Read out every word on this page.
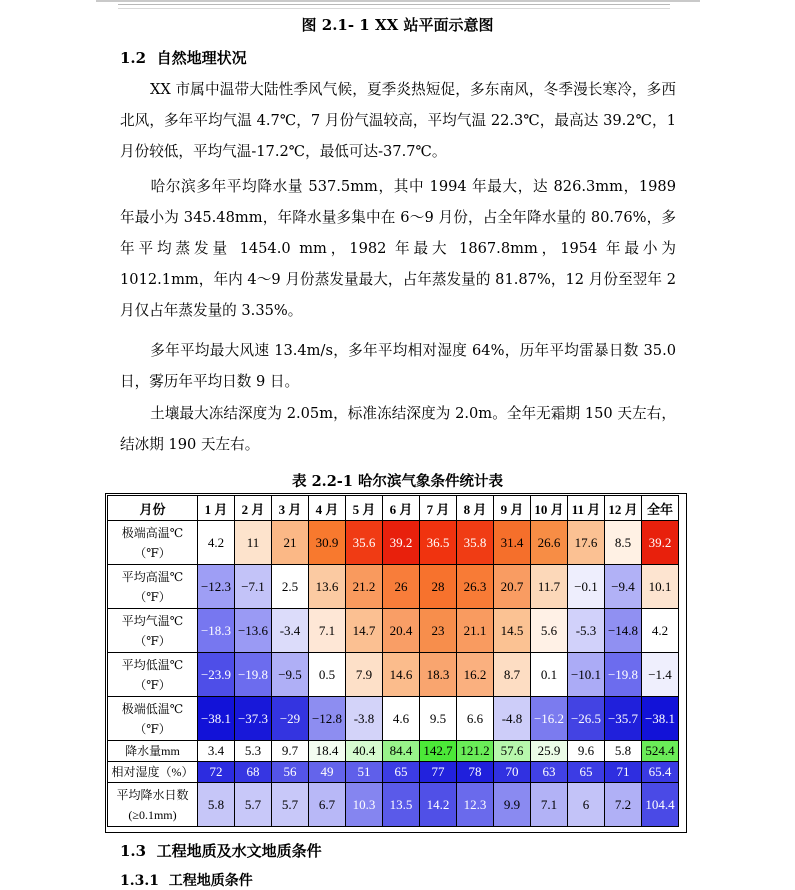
图 2.1- 1 XX 站平面示意图
1.2 自然地理状况
XX 市属中温带大陆性季风气候，夏季炎热短促，多东南风，冬季漫长寒冷，多西北风，多年平均气温 4.7℃，7 月份气温较高，平均气温 22.3℃，最高达 39.2℃，1 月份较低，平均气温-17.2℃，最低可达-37.7℃。
哈尔滨多年平均降水量 537.5mm，其中 1994 年最大，达 826.3mm，1989 年最小为 345.48mm，年降水量多集中在 6～9 月份，占全年降水量的 80.76%，多年平均蒸发量 1454.0 mm，1982 年最大 1867.8mm，1954 年最小为 1012.1mm，年内 4～9 月份蒸发量最大，占年蒸发量的 81.87%，12 月份至翌年 2 月仅占年蒸发量的 3.35%。
多年平均最大风速 13.4m/s，多年平均相对湿度 64%，历年平均雷暴日数 35.0日，雾历年平均日数 9 日。
土壤最大冻结深度为 2.05m，标准冻结深度为 2.0m。全年无霜期 150 天左右，结冰期 190 天左右。
表 2.2-1 哈尔滨气象条件统计表
月份	1 月	2 月	3 月	4 月	5 月	6 月	7 月	8 月	9 月	10 月	11 月	12 月	全年

极端高温℃
（℉）	4.2	11	21	30.9	35.6	39.2	36.5	35.8	31.4	26.6	17.6	8.5	39.2

平均高温℃
（℉）	−12.3	−7.1	2.5	13.6	21.2	26	28	26.3	20.7	11.7	−0.1	−9.4	10.1

平均气温℃
（℉）	−18.3	−13.6	-3.4	7.1	14.7	20.4	23	21.1	14.5	5.6	-5.3	−14.8	4.2

平均低温℃
（℉）	−23.9	−19.8	−9.5	0.5	7.9	14.6	18.3	16.2	8.7	0.1	−10.1	−19.8	−1.4

极端低温℃
（℉）	−38.1	−37.3	−29	−12.8	-3.8	4.6	9.5	6.6	-4.8	−16.2	−26.5	−35.7	−38.1

降水量mm	3.4	5.3	9.7	18.4	40.4	84.4	142.7	121.2	57.6	25.9	9.6	5.8	524.4

相对湿度（%）	72	68	56	49	51	65	77	78	70	63	65	71	65.4

平均降水日数
(≥0.1mm)	5.8	5.7	5.7	6.7	10.3	13.5	14.2	12.3	9.9	7.1	6	7.2	104.4
1.3 工程地质及水文地质条件
1.3.1 工程地质条件
